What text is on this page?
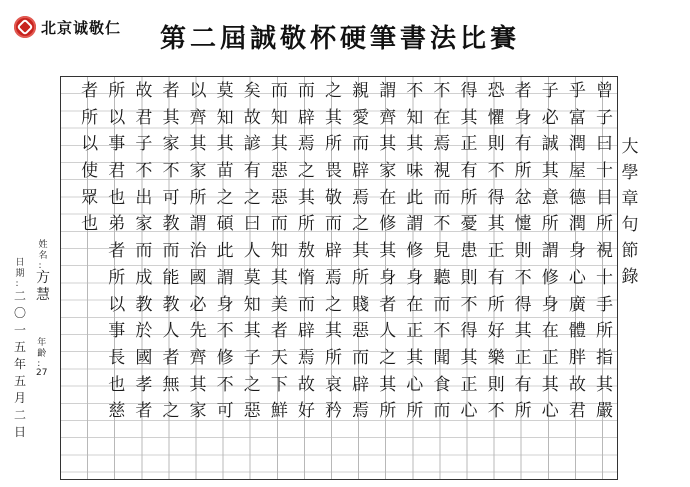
北京诚敬仁 第二屆誠敬杯硬筆書法比賽
曾
子
曰
十
目
所
視
十
手
所
指
其
嚴
乎
富
潤
屋
德
潤
身
心
廣
體
胖
故
君
子
必
誠
其
意
所
謂
修
身
在
正
其
心
者
身
有
所
忿
懥
則
不
得
其
正
有
所
恐
懼
則
不
得
其
正
有
所
好
樂
則
不
得
其
正
有
所
憂
患
則
不
得
其
正
心
不
在
焉
視
而
不
見
聽
而
不
聞
食
而
不
知
其
味
此
謂
修
身
在
正
其
心
所
謂
齊
其
家
在
修
其
身
者
人
之
其
所
親
愛
而
辟
焉
之
其
所
賤
惡
而
辟
焉
之
其
所
畏
敬
而
辟
焉
之
其
所
哀
矜
而
辟
焉
之
其
所
敖
惰
而
辟
焉
故
好
而
知
其
惡
惡
而
知
其
美
者
天
下
鮮
矣
故
諺
有
之
曰
人
莫
知
其
子
之
惡
莫
知
其
苗
之
碩
此
謂
身
不
修
不
可
以
齊
其
家
所
謂
治
國
必
先
齊
其
家
者
其
家
不
可
教
而
能
教
人
者
無
之
故
君
子
不
出
家
而
成
教
於
國
孝
者
所
以
事
君
也
弟
者
所
以
事
長
也
慈
者
所
以
使
眾
也
大
學
章
句
節
錄
姓
名
:
方
慧
年
齡
:
27
日
期
:
二
〇
一
五
年
五
月
二
日
